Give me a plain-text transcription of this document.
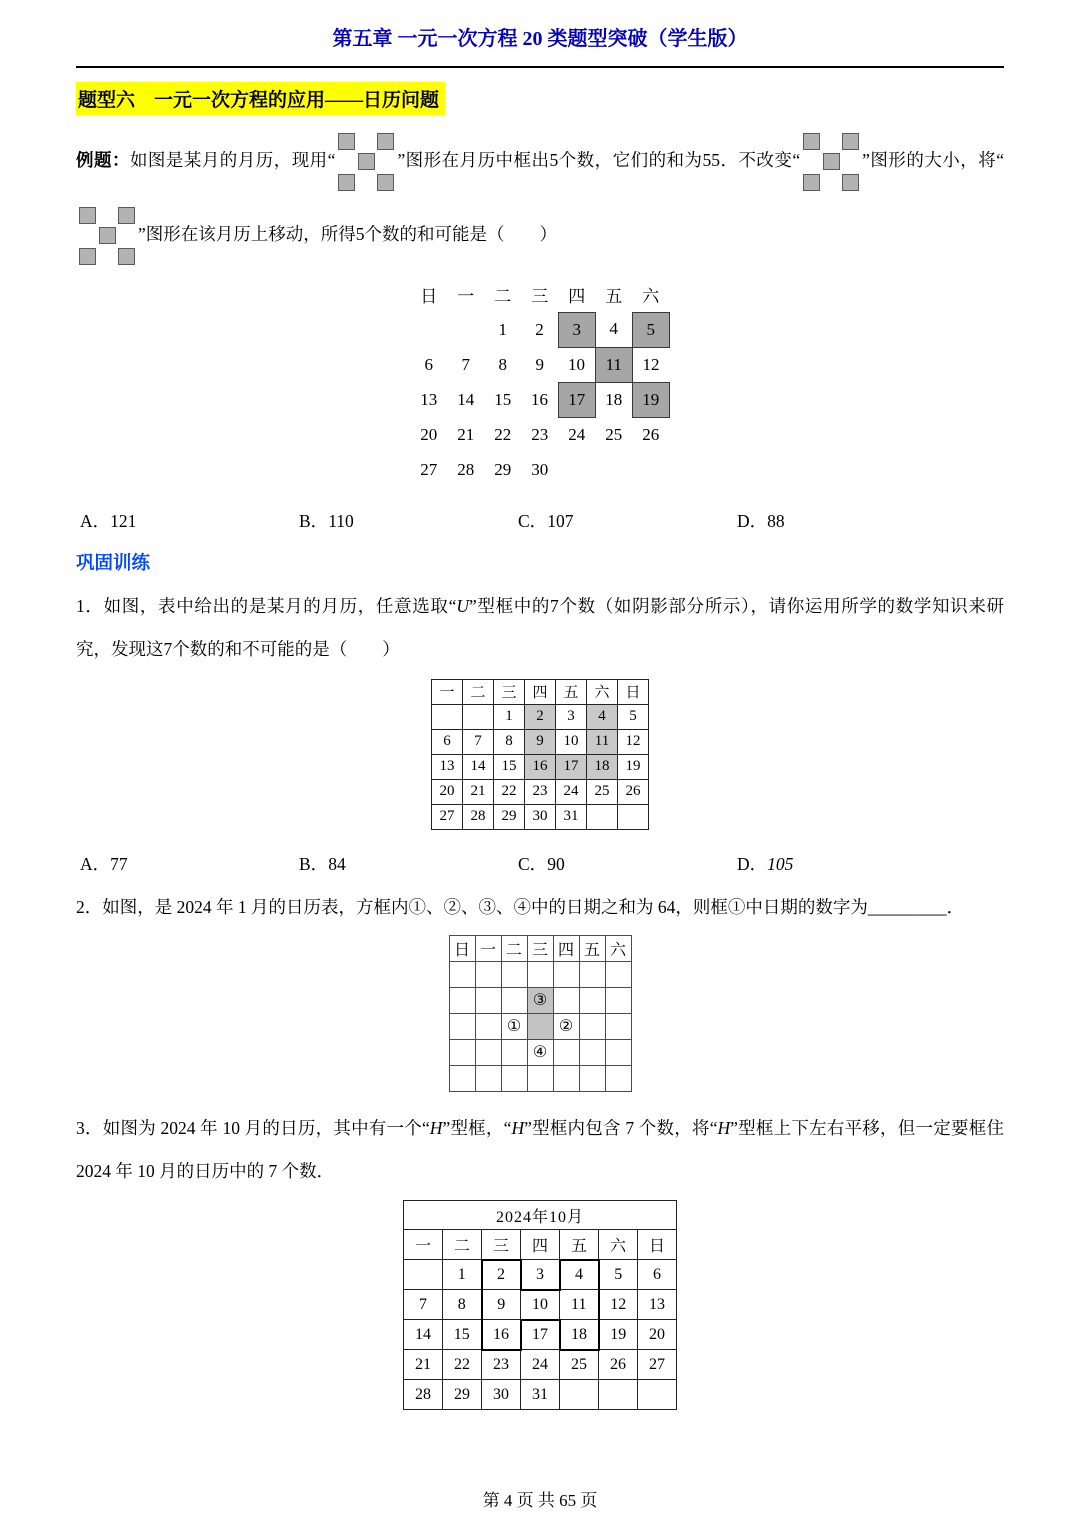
第五章 一元一次方程 20 类题型突破（学生版）
题型六　一元一次方程的应用——日历问题

例题：如图是某月的月历，现用“	”图形在月历中框出5个数，它们的和为55．不改变“	”图形的大小，将“
”图形在该月历上移动，所得5个数的和可能是（　　）

日	一	二	三	四	五	六
		1	2	3	4	5
6	7	8	9	10	11	12
13	14	15	16	17	18	19
20	21	22	23	24	25	26
27	28	29	30			
A．121	B．110	C．107	D．88
巩固训练

1．如图，表中给出的是某月的月历，任意选取“U”型框中的7个数（如阴影部分所示），请你运用所学的数学知识来研究，发现这7个数的和不可能的是（　　）

一	二	三	四	五	六	日
		1	2	3	4	5
6	7	8	9	10	11	12
13	14	15	16	17	18	19
20	21	22	23	24	25	26
27	28	29	30	31		
A．77	B．84	C．90	D．105

2．如图，是 2024 年 1 月的日历表，方框内①、②、③、④中的日期之和为 64，则框①中日期的数字为_________．

日	一	二	三	四	五	六

			③			
		①		②		
			④			

3．如图为 2024 年 10 月的日历，其中有一个“H”型框，“H”型框内包含 7 个数，将“H”型框上下左右平移，但一定要框住 2024 年 10 月的日历中的 7 个数．

2024年10月						
一	二	三	四	五	六	日
	1	2	3	4	5	6
7	8	9	10	11	12	13
14	15	16	17	18	19	20
21	22	23	24	25	26	27
28	29	30	31			
第 4 页 共 65 页
